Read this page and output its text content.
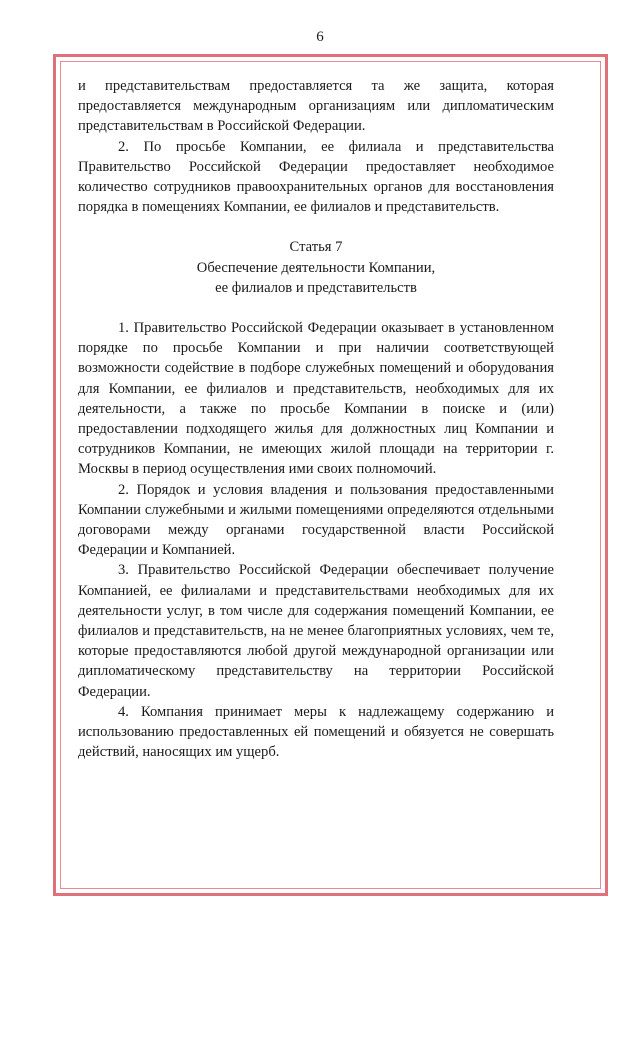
6

и представительствам предоставляется та же защита, которая предоставляется международным организациям или дипломатическим представительствам в Российской Федерации.

2. По просьбе Компании, ее филиала и представительства Правительство Российской Федерации предоставляет необходимое количество сотрудников правоохранительных органов для восстановления порядка в помещениях Компании, ее филиалов и представительств.

Статья 7
Обеспечение деятельности Компании,
ее филиалов и представительств

1. Правительство Российской Федерации оказывает в установленном порядке по просьбе Компании и при наличии соответствующей возможности содействие в подборе служебных помещений и оборудования для Компании, ее филиалов и представительств, необходимых для их деятельности, а также по просьбе Компании в поиске и (или) предоставлении подходящего жилья для должностных лиц Компании и сотрудников Компании, не имеющих жилой площади на территории г. Москвы в период осуществления ими своих полномочий.

2. Порядок и условия владения и пользования предоставленными Компании служебными и жилыми помещениями определяются отдельными договорами между органами государственной власти Российской Федерации и Компанией.

3. Правительство Российской Федерации обеспечивает получение Компанией, ее филиалами и представительствами необходимых для их деятельности услуг, в том числе для содержания помещений Компании, ее филиалов и представительств, на не менее благоприятных условиях, чем те, которые предоставляются любой другой международной организации или дипломатическому представительству на территории Российской Федерации.

4. Компания принимает меры к надлежащему содержанию и использованию предоставленных ей помещений и обязуется не совершать действий, наносящих им ущерб.
